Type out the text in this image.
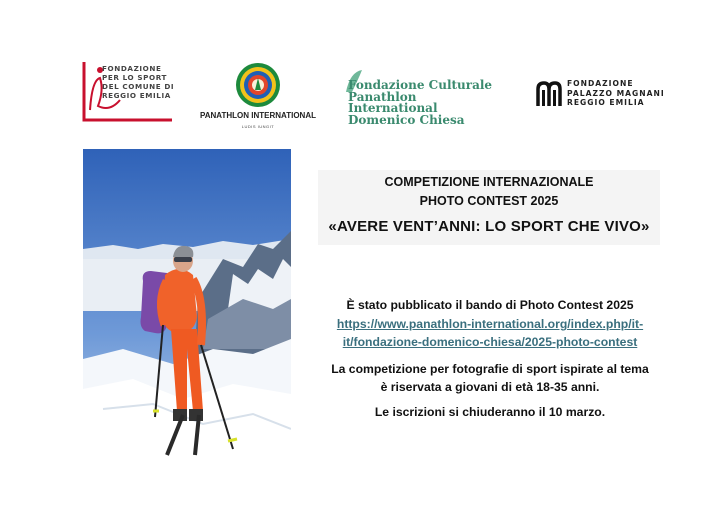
FONDAZIONE
PER LO SPORT
DEL COMUNE DI
REGGIO EMILIA
PANATHLON INTERNATIONAL
LUDIS IUNGIT
Fondazione Culturale
Panathlon International
Domenico Chiesa
FONDAZIONE
PALAZZO MAGNANI
REGGIO EMILIA
COMPETIZIONE INTERNAZIONALE
PHOTO CONTEST 2025
«AVERE VENT’ANNI: LO SPORT CHE VIVO»
È stato pubblicato il bando di Photo Contest 2025
https://www.panathlon-international.org/index.php/it-
it/fondazione-domenico-chiesa/2025-photo-contest
La competizione per fotografie di sport ispirate al tema
è riservata a giovani di età 18-35 anni.
Le iscrizioni si chiuderanno il 10 marzo.
